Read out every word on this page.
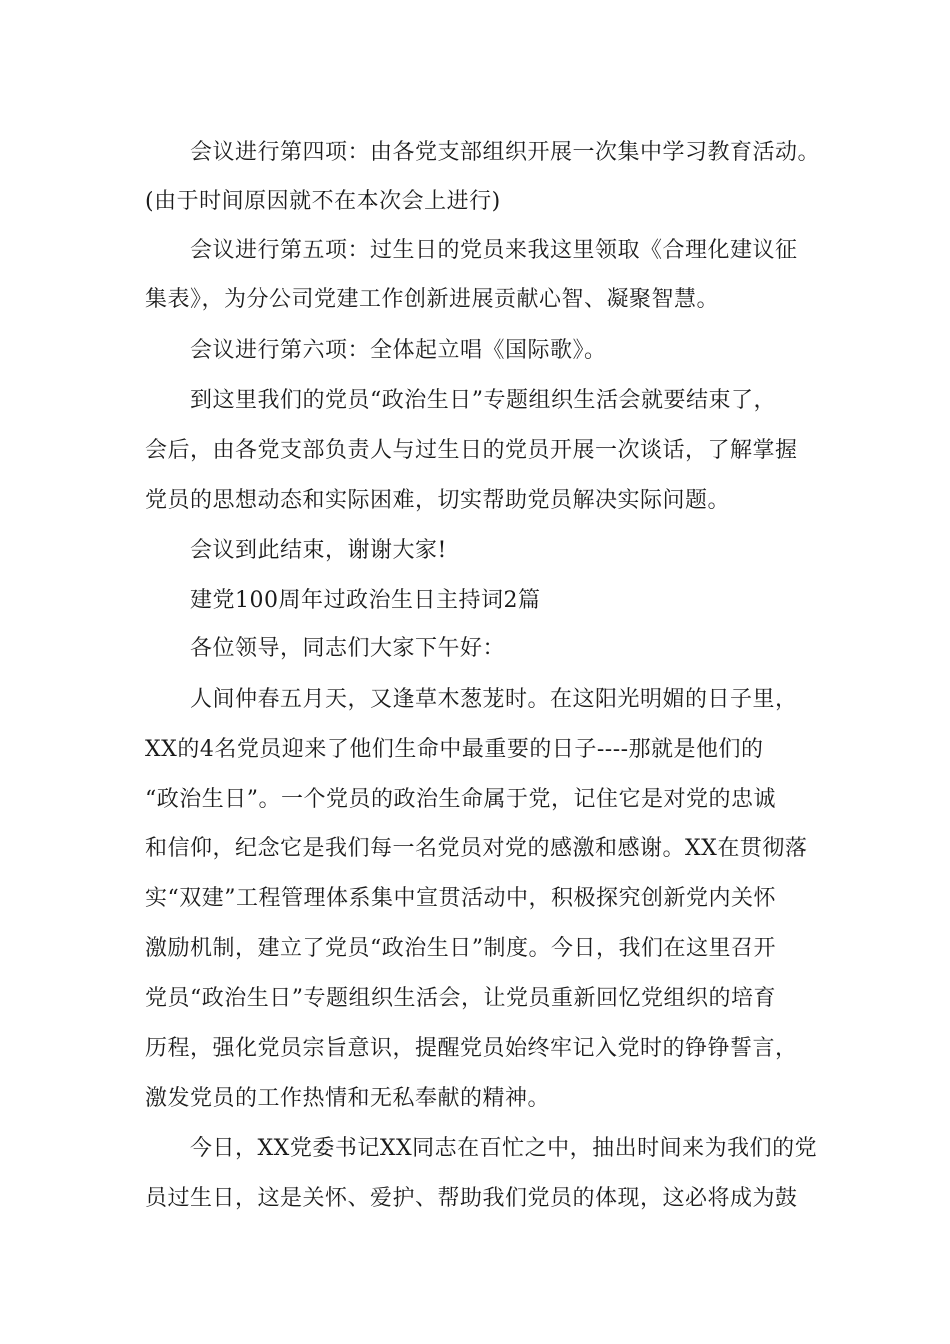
会议进行第四项：由各党支部组织开展一次集中学习教育活动。
(由于时间原因就不在本次会上进行)
会议进行第五项：过生日的党员来我这里领取《合理化建议征
集表》，为分公司党建工作创新进展贡献心智、凝聚智慧。
会议进行第六项：全体起立唱《国际歌》。
到这里我们的党员“政治生日”专题组织生活会就要结束了，
会后，由各党支部负责人与过生日的党员开展一次谈话，了解掌握
党员的思想动态和实际困难，切实帮助党员解决实际问题。
会议到此结束，谢谢大家!
建党100周年过政治生日主持词2篇
各位领导，同志们大家下午好：
人间仲春五月天，又逢草木葱茏时。在这阳光明媚的日子里，
XX的4名党员迎来了他们生命中最重要的日子----那就是他们的
“政治生日”。一个党员的政治生命属于党，记住它是对党的忠诚
和信仰，纪念它是我们每一名党员对党的感激和感谢。XX在贯彻落
实“双建”工程管理体系集中宣贯活动中，积极探究创新党内关怀
激励机制，建立了党员“政治生日”制度。今日，我们在这里召开
党员“政治生日”专题组织生活会，让党员重新回忆党组织的培育
历程，强化党员宗旨意识，提醒党员始终牢记入党时的铮铮誓言，
激发党员的工作热情和无私奉献的精神。
今日，XX党委书记XX同志在百忙之中，抽出时间来为我们的党
员过生日，这是关怀、爱护、帮助我们党员的体现，这必将成为鼓
